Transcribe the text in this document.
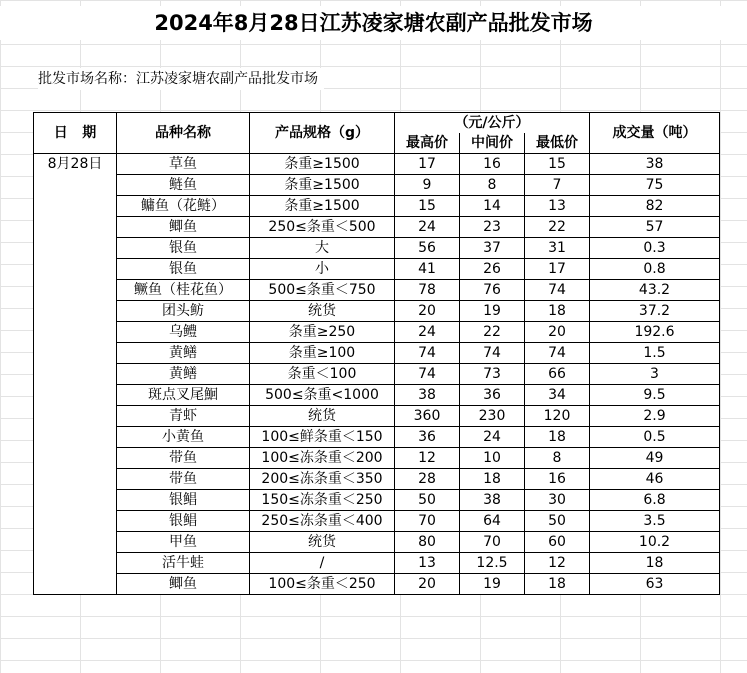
2024年8月28日江苏凌家塘农副产品批发市场
批发市场名称：江苏凌家塘农副产品批发市场
日   期	品种名称	产品规格（g）	（元/公斤）			成交量（吨）
			最高价	中间价	最低价	
8月28日	草鱼	条重≥1500	17	16	15	38
	鲢鱼	条重≥1500	9	8	7	75
	鳙鱼（花鲢）	条重≥1500	15	14	13	82
	鲫鱼	250≤条重＜500	24	23	22	57
	银鱼	大	56	37	31	0.3
	银鱼	小	41	26	17	0.8
	鳜鱼（桂花鱼）	500≤条重＜750	78	76	74	43.2
	团头鲂	统货	20	19	18	37.2
	乌鳢	条重≥250	24	22	20	192.6
	黄鳝	条重≥100	74	74	74	1.5
	黄鳝	条重＜100	74	73	66	3
	斑点叉尾鮰	500≤条重<1000	38	36	34	9.5
	青虾	统货	360	230	120	2.9
	小黄鱼	100≤鲜条重＜150	36	24	18	0.5
	带鱼	100≤冻条重＜200	12	10	8	49
	带鱼	200≤冻条重＜350	28	18	16	46
	银鲳	150≤冻条重＜250	50	38	30	6.8
	银鲳	250≤冻条重＜400	70	64	50	3.5
	甲鱼	统货	80	70	60	10.2
	活牛蛙	/	13	12.5	12	18
	鲫鱼	100≤条重＜250	20	19	18	63
